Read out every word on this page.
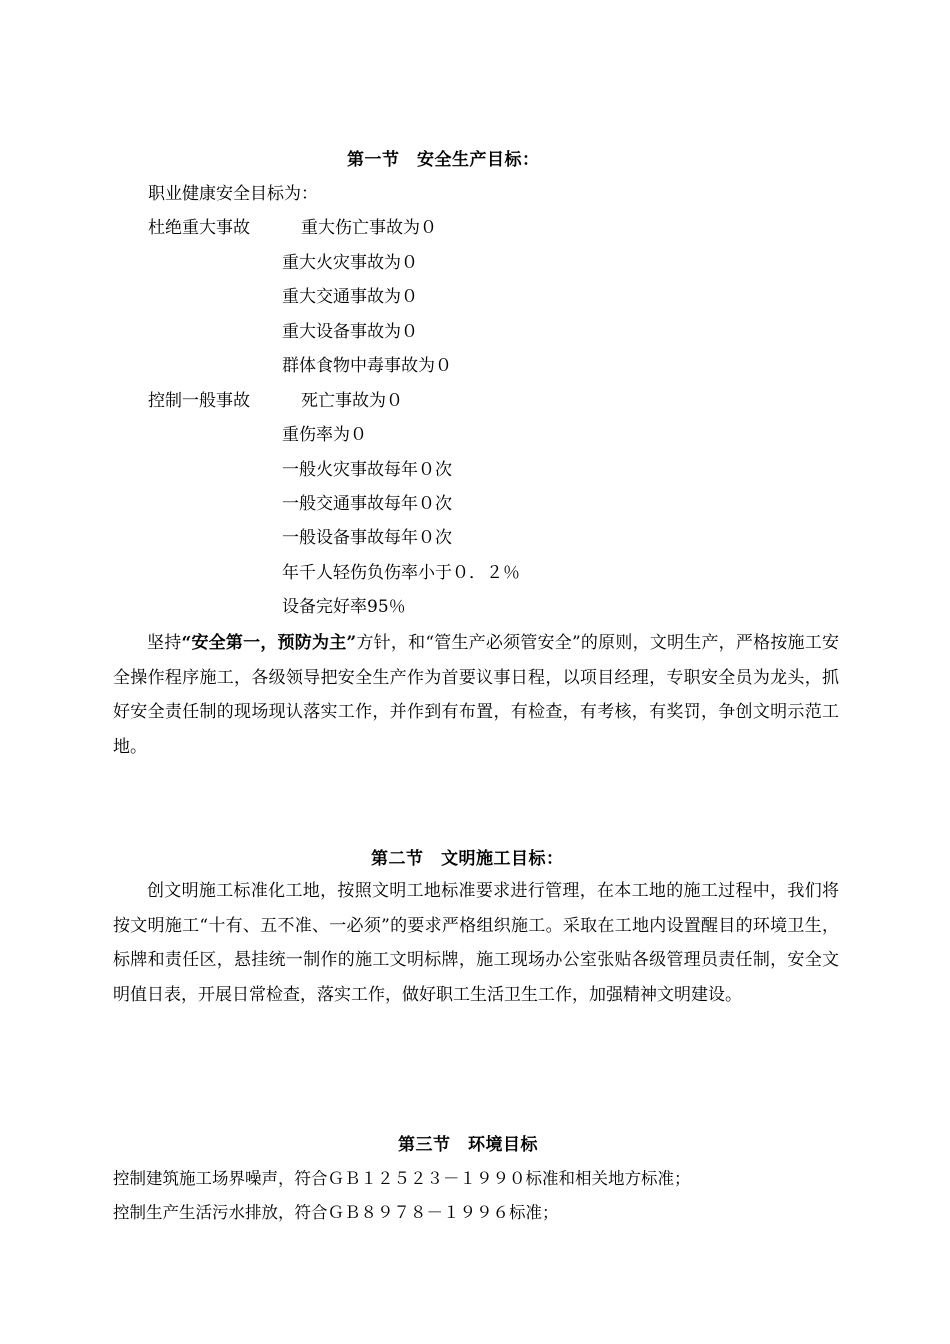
第一节　安全生产目标：
职业健康安全目标为：
杜绝重大事故	重大伤亡事故为０
重大火灾事故为０
重大交通事故为０
重大设备事故为０
群体食物中毒事故为０
控制一般事故	死亡事故为０
重伤率为０
一般火灾事故每年０次
一般交通事故每年０次
一般设备事故每年０次
年千人轻伤负伤率小于０．２％
设备完好率95％
坚持“安全第一，预防为主”方针，和“管生产必须管安全”的原则，文明生产，严格按施工安全操作程序施工，各级领导把安全生产作为首要议事日程，以项目经理，专职安全员为龙头，抓好安全责任制的现场现认落实工作，并作到有布置，有检查，有考核，有奖罚，争创文明示范工地。
第二节　文明施工目标：
创文明施工标准化工地，按照文明工地标准要求进行管理，在本工地的施工过程中，我们将按文明施工“十有、五不准、一必须”的要求严格组织施工。采取在工地内设置醒目的环境卫生，标牌和责任区，悬挂统一制作的施工文明标牌，施工现场办公室张贴各级管理员责任制，安全文明值日表，开展日常检查，落实工作，做好职工生活卫生工作，加强精神文明建设。
第三节　环境目标
控制建筑施工场界噪声，符合ＧＢ１２５２３－１９９０标准和相关地方标准；
控制生产生活污水排放，符合ＧＢ８９７８－１９９６标准；
